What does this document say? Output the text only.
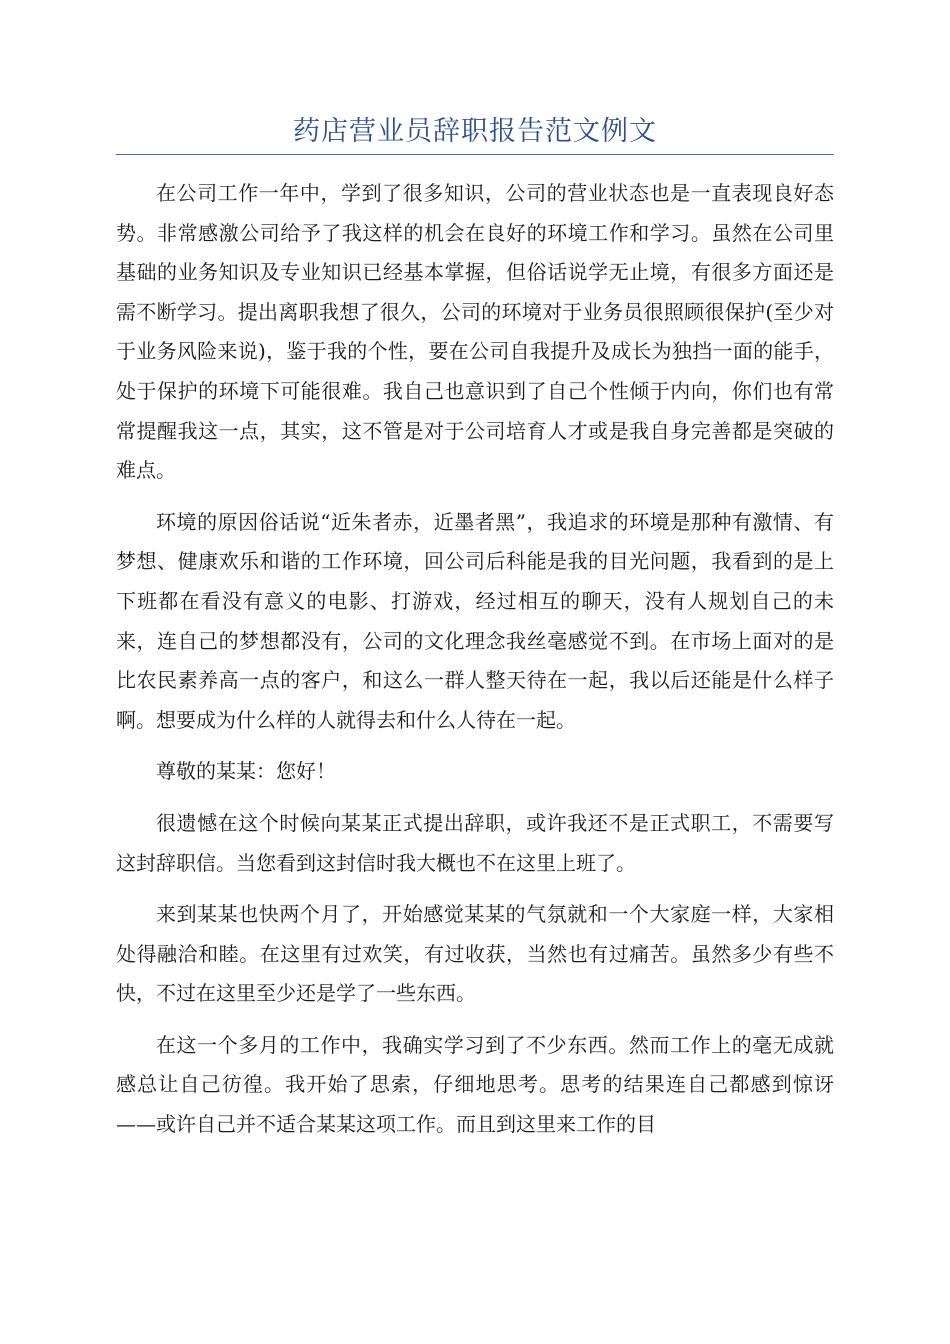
药店营业员辞职报告范文例文

在公司工作一年中，学到了很多知识，公司的营业状态也是一直表现良好态势。非常感激公司给予了我这样的机会在良好的环境工作和学习。虽然在公司里基础的业务知识及专业知识已经基本掌握，但俗话说学无止境，有很多方面还是需不断学习。提出离职我想了很久，公司的环境对于业务员很照顾很保护(至少对于业务风险来说)，鉴于我的个性，要在公司自我提升及成长为独挡一面的能手，处于保护的环境下可能很难。我自己也意识到了自己个性倾于内向，你们也有常常提醒我这一点，其实，这不管是对于公司培育人才或是我自身完善都是突破的难点。

环境的原因俗话说“近朱者赤，近墨者黑”，我追求的环境是那种有激情、有梦想、健康欢乐和谐的工作环境，回公司后科能是我的目光问题，我看到的是上下班都在看没有意义的电影、打游戏，经过相互的聊天，没有人规划自己的未来，连自己的梦想都没有，公司的文化理念我丝毫感觉不到。在市场上面对的是比农民素养高一点的客户，和这么一群人整天待在一起，我以后还能是什么样子啊。想要成为什么样的人就得去和什么人待在一起。

尊敬的某某：您好！

很遗憾在这个时候向某某正式提出辞职，或许我还不是正式职工，不需要写这封辞职信。当您看到这封信时我大概也不在这里上班了。

来到某某也快两个月了，开始感觉某某的气氛就和一个大家庭一样，大家相处得融洽和睦。在这里有过欢笑，有过收获，当然也有过痛苦。虽然多少有些不快，不过在这里至少还是学了一些东西。

在这一个多月的工作中，我确实学习到了不少东西。然而工作上的毫无成就感总让自己彷徨。我开始了思索，仔细地思考。思考的结果连自己都感到惊讶——或许自己并不适合某某这项工作。而且到这里来工作的目
